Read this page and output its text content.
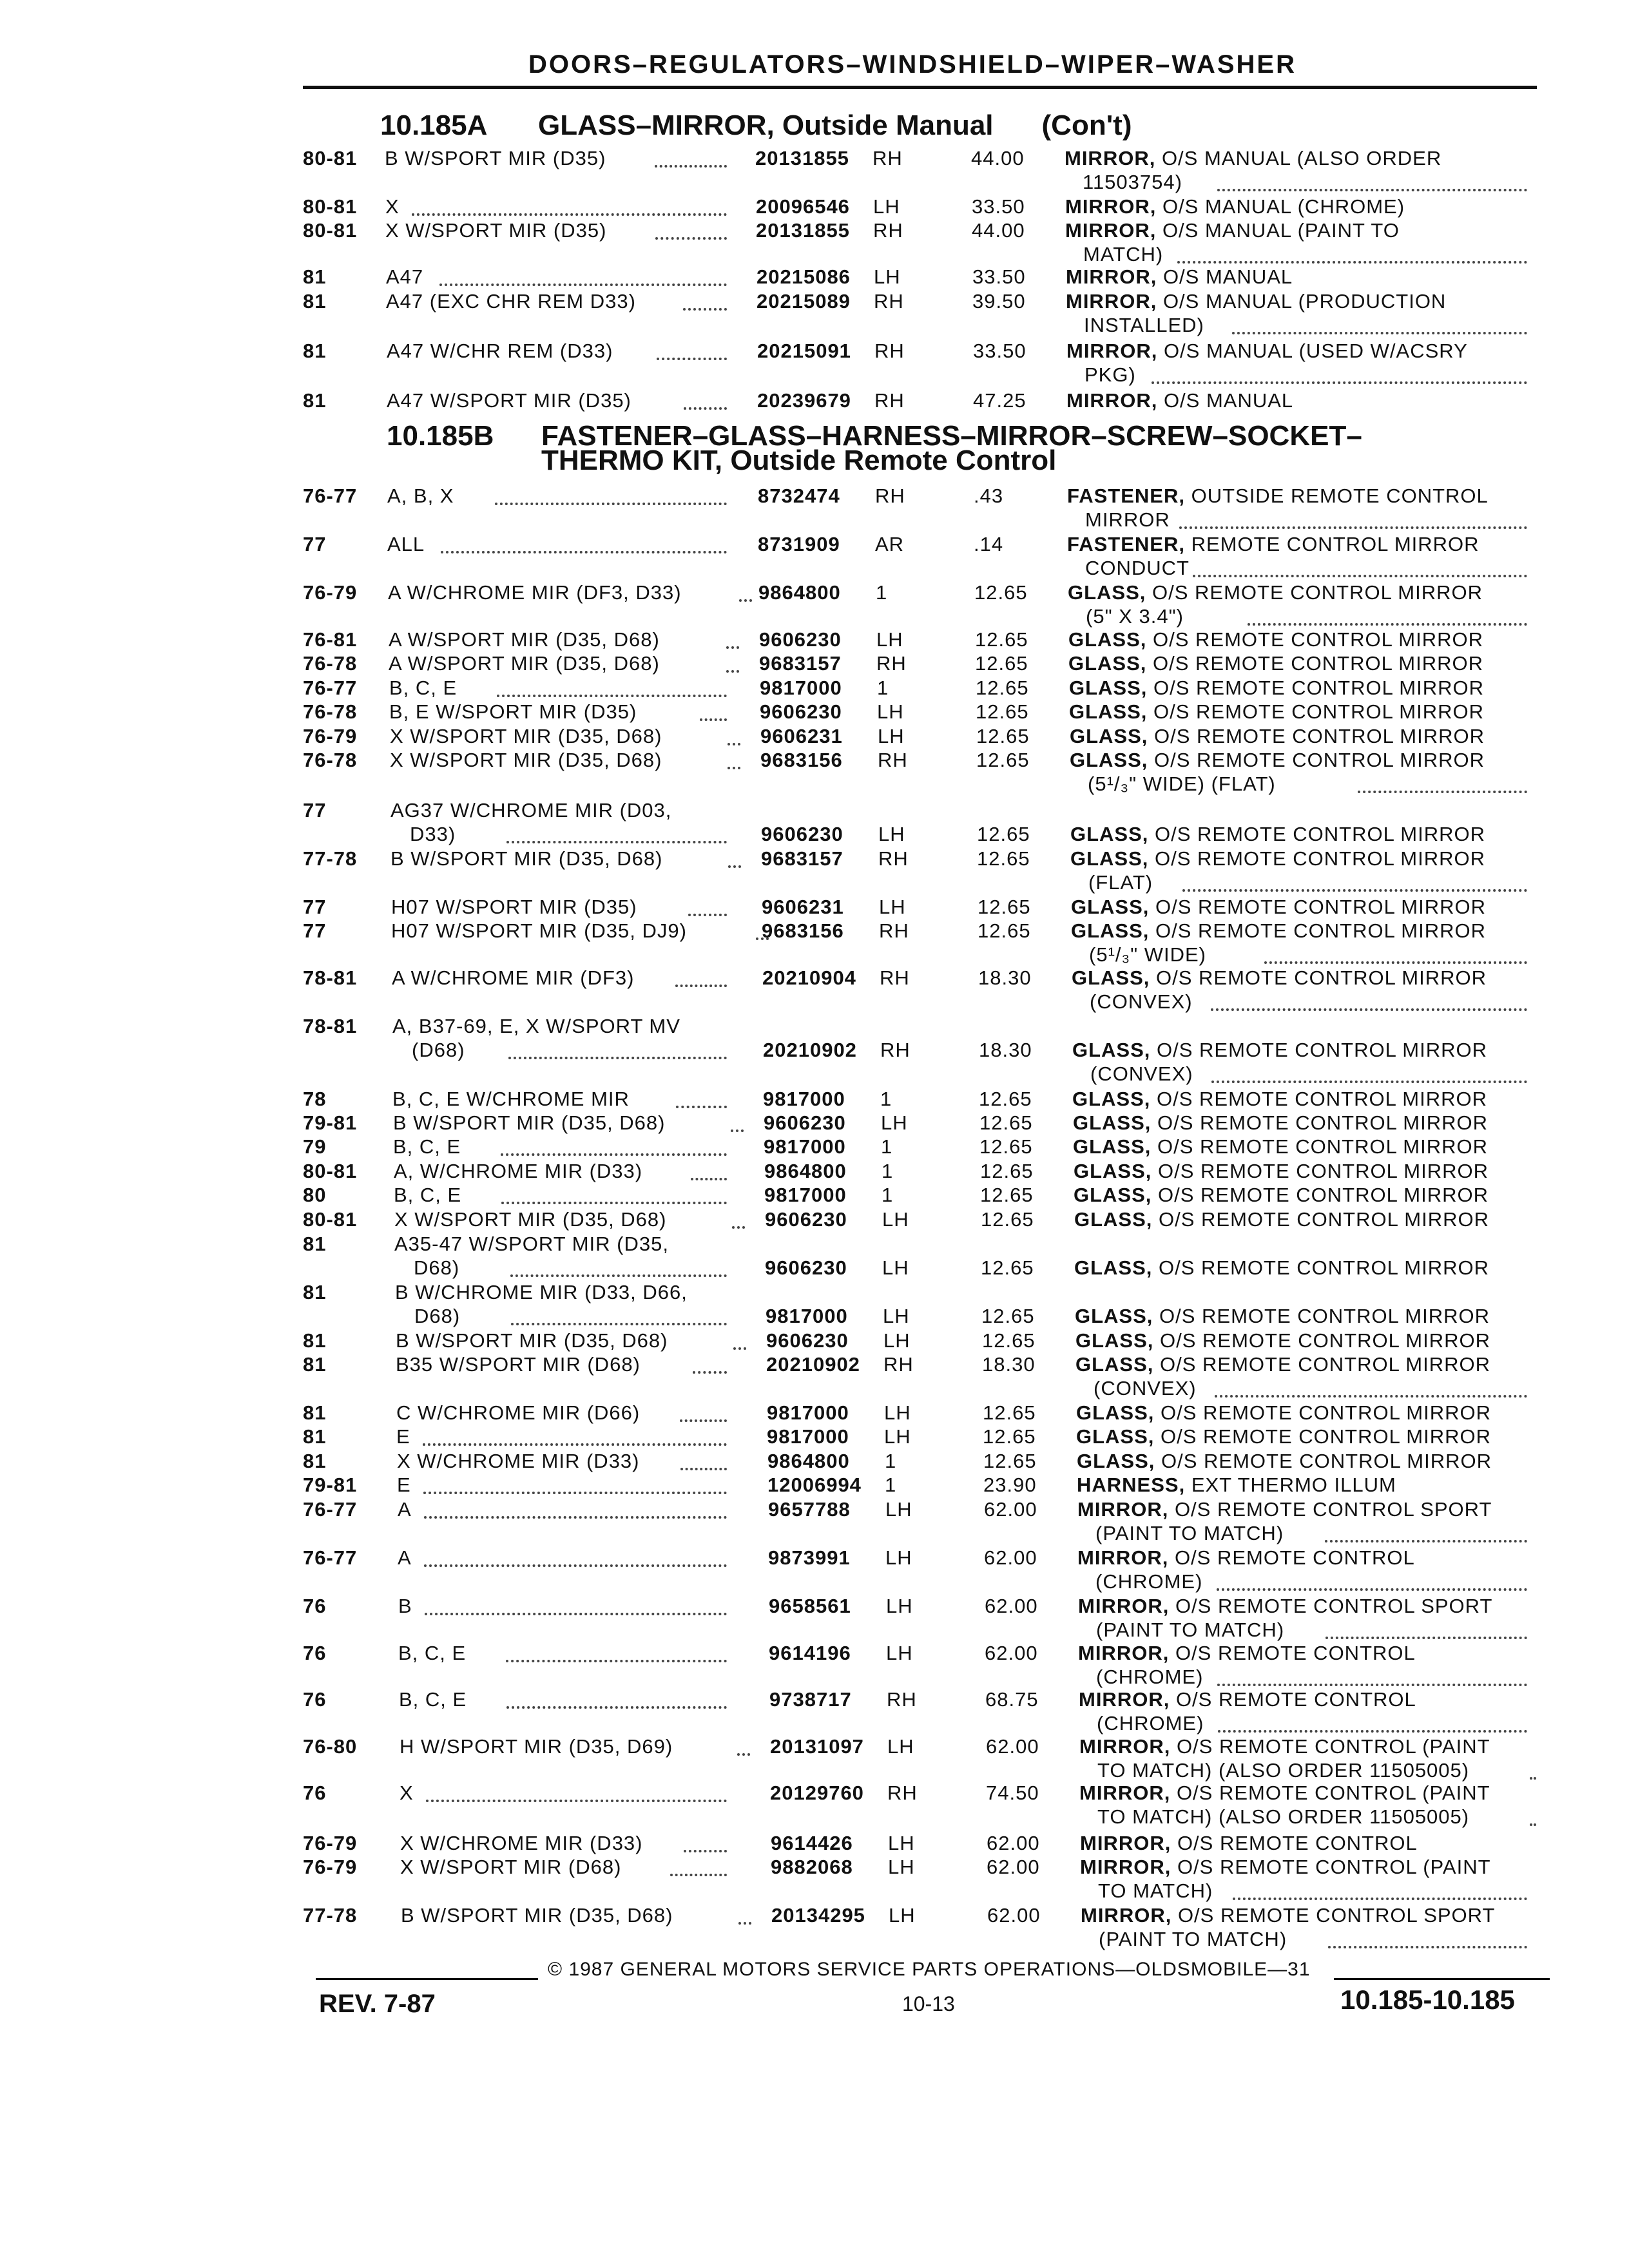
DOORS–REGULATORS–WINDSHIELD–WIPER–WASHER
10.185A GLASS–MIRROR, Outside Manual (Con't)
10.185B FASTENER–GLASS–HARNESS–MIRROR–SCREW–SOCKET–
THERMO KIT, Outside Remote Control
80-81 B W/SPORT MIR (D35)	20131855 RH	44.00 MIRROR, O/S MANUAL (ALSO ORDER
11503754)
80-81 X	20096546 LH	33.50 MIRROR, O/S MANUAL (CHROME)
80-81 X W/SPORT MIR (D35)	20131855 RH	44.00 MIRROR, O/S MANUAL (PAINT TO
MATCH)
81	A47	20215086 LH	33.50 MIRROR, O/S MANUAL
81	A47 (EXC CHR REM D33)	20215089 RH	39.50 MIRROR, O/S MANUAL (PRODUCTION
INSTALLED)
81	A47 W/CHR REM (D33)	20215091 RH	33.50 MIRROR, O/S MANUAL (USED W/ACSRY
PKG)
81	A47 W/SPORT MIR (D35)	20239679 RH	47.25 MIRROR, O/S MANUAL
76-77 A, B, X	8732474 RH	.43	FASTENER, OUTSIDE REMOTE CONTROL
MIRROR
77	ALL	8731909 AR	.14	FASTENER, REMOTE CONTROL MIRROR
CONDUCT
76-79 A W/CHROME MIR (DF3, D33)	9864800 1	12.65 GLASS, O/S REMOTE CONTROL MIRROR
(5" X 3.4")
76-81 A W/SPORT MIR (D35, D68)	9606230 LH	12.65 GLASS, O/S REMOTE CONTROL MIRROR
76-78 A W/SPORT MIR (D35, D68)	9683157 RH	12.65 GLASS, O/S REMOTE CONTROL MIRROR
76-77 B, C, E	9817000 1	12.65 GLASS, O/S REMOTE CONTROL MIRROR
76-78 B, E W/SPORT MIR (D35)	9606230 LH	12.65 GLASS, O/S REMOTE CONTROL MIRROR
76-79 X W/SPORT MIR (D35, D68)	9606231 LH	12.65 GLASS, O/S REMOTE CONTROL MIRROR
76-78 X W/SPORT MIR (D35, D68)	9683156 RH	12.65 GLASS, O/S REMOTE CONTROL MIRROR
(5¹/₃" WIDE) (FLAT)
77	AG37 W/CHROME MIR (D03,
D33)	9606230 LH	12.65 GLASS, O/S REMOTE CONTROL MIRROR
77-78 B W/SPORT MIR (D35, D68)	9683157 RH	12.65 GLASS, O/S REMOTE CONTROL MIRROR
(FLAT)
77	H07 W/SPORT MIR (D35)	9606231 LH	12.65 GLASS, O/S REMOTE CONTROL MIRROR
77	H07 W/SPORT MIR (D35, DJ9)	9683156 RH	12.65 GLASS, O/S REMOTE CONTROL MIRROR
(5¹/₃" WIDE)
78-81 A W/CHROME MIR (DF3)	20210904 RH	18.30 GLASS, O/S REMOTE CONTROL MIRROR
(CONVEX)
78-81 A, B37-69, E, X W/SPORT MV
(D68)	20210902 RH	18.30 GLASS, O/S REMOTE CONTROL MIRROR
(CONVEX)
78	B, C, E W/CHROME MIR	9817000 1	12.65 GLASS, O/S REMOTE CONTROL MIRROR
79-81 B W/SPORT MIR (D35, D68)	9606230 LH	12.65 GLASS, O/S REMOTE CONTROL MIRROR
79	B, C, E	9817000 1	12.65 GLASS, O/S REMOTE CONTROL MIRROR
80-81 A, W/CHROME MIR (D33)	9864800 1	12.65 GLASS, O/S REMOTE CONTROL MIRROR
80	B, C, E	9817000 1	12.65 GLASS, O/S REMOTE CONTROL MIRROR
80-81 X W/SPORT MIR (D35, D68)	9606230 LH	12.65 GLASS, O/S REMOTE CONTROL MIRROR
81	A35-47 W/SPORT MIR (D35,
D68)	9606230 LH	12.65 GLASS, O/S REMOTE CONTROL MIRROR
81	B W/CHROME MIR (D33, D66,
D68)	9817000 LH	12.65 GLASS, O/S REMOTE CONTROL MIRROR
81	B W/SPORT MIR (D35, D68)	9606230 LH	12.65 GLASS, O/S REMOTE CONTROL MIRROR
81	B35 W/SPORT MIR (D68)	20210902 RH	18.30 GLASS, O/S REMOTE CONTROL MIRROR
(CONVEX)
81	C W/CHROME MIR (D66)	9817000 LH	12.65 GLASS, O/S REMOTE CONTROL MIRROR
81	E	9817000 LH	12.65 GLASS, O/S REMOTE CONTROL MIRROR
81	X W/CHROME MIR (D33)	9864800 1	12.65 GLASS, O/S REMOTE CONTROL MIRROR
79-81 E	12006994 1	23.90 HARNESS, EXT THERMO ILLUM
76-77 A	9657788 LH	62.00 MIRROR, O/S REMOTE CONTROL SPORT
(PAINT TO MATCH)
76-77 A	9873991 LH	62.00 MIRROR, O/S REMOTE CONTROL
(CHROME)
76	B	9658561 LH	62.00 MIRROR, O/S REMOTE CONTROL SPORT
(PAINT TO MATCH)
76	B, C, E	9614196 LH	62.00 MIRROR, O/S REMOTE CONTROL
(CHROME)
76	B, C, E	9738717 RH	68.75 MIRROR, O/S REMOTE CONTROL
(CHROME)
76-80 H W/SPORT MIR (D35, D69)	20131097 LH	62.00 MIRROR, O/S REMOTE CONTROL (PAINT
TO MATCH) (ALSO ORDER 11505005)
76	X	20129760 RH	74.50 MIRROR, O/S REMOTE CONTROL (PAINT
TO MATCH) (ALSO ORDER 11505005)
76-79 X W/CHROME MIR (D33)	9614426 LH	62.00 MIRROR, O/S REMOTE CONTROL
76-79 X W/SPORT MIR (D68)	9882068 LH	62.00 MIRROR, O/S REMOTE CONTROL (PAINT
TO MATCH)
77-78 B W/SPORT MIR (D35, D68)	20134295 LH	62.00 MIRROR, O/S REMOTE CONTROL SPORT
(PAINT TO MATCH)
© 1987 GENERAL MOTORS SERVICE PARTS OPERATIONS—OLDSMOBILE—31
REV. 7-87	10-13	10.185-10.185
